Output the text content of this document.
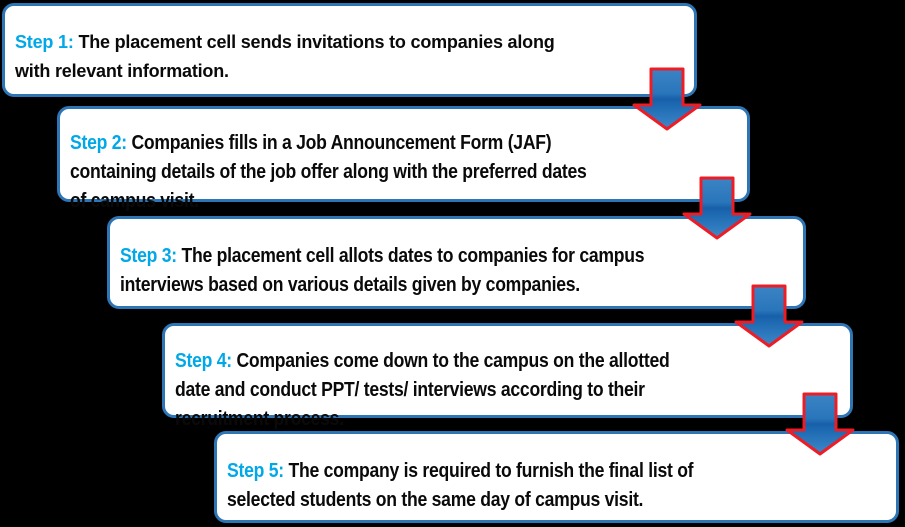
Step 1: The placement cell sends invitations to companies along
with relevant information.
Step 2: Companies fills in a Job Announcement Form (JAF)
containing details of the job offer along with the preferred dates
of campus visit.
Step 3: The placement cell allots dates to companies for campus
interviews based on various details given by companies.
Step 4: Companies come down to the campus on the allotted
date and conduct PPT/ tests/ interviews according to their
recruitment process.
Step 5: The company is required to furnish the final list of
selected students on the same day of campus visit.
